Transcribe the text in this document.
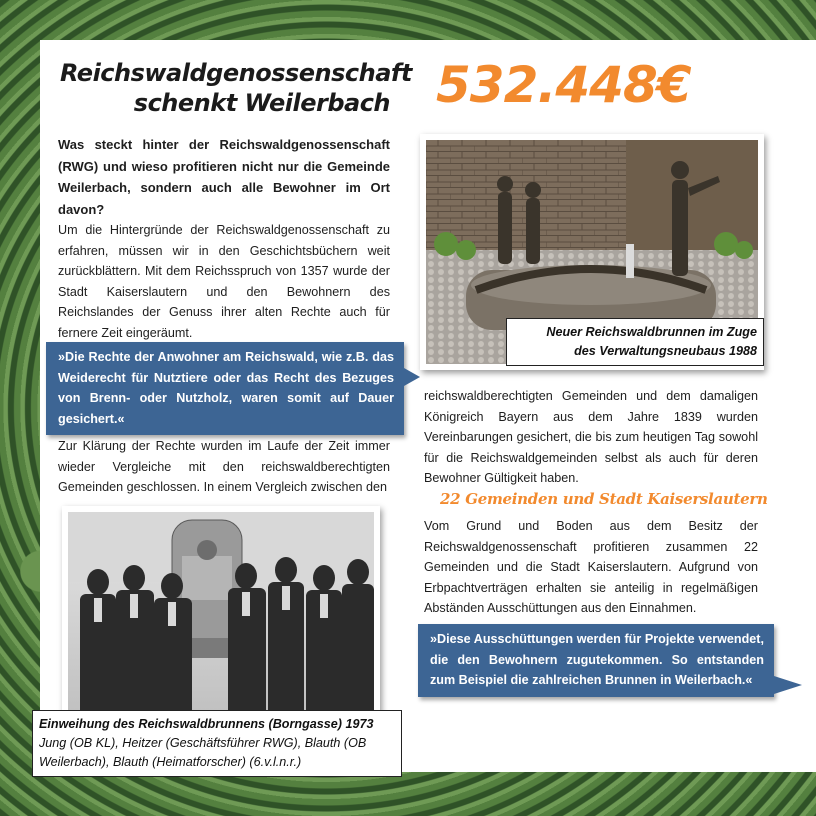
Reichswaldgenossenschaft
schenkt Weilerbach 532.448€

Was steckt hinter der Reichswaldgenossenschaft (RWG) und wieso profitieren nicht nur die Gemeinde Weilerbach, sondern auch alle Bewohner im Ort davon?

Um die Hintergründe der Reichswaldgenossenschaft zu erfahren, müssen wir in den Geschichtsbüchern weit zurückblättern. Mit dem Reichsspruch von 1357 wurde der Stadt Kaiserslautern und den Bewohnern des Reichslandes der Genuss ihrer alten Rechte auch für fernere Zeit eingeräumt.

»Die Rechte der Anwohner am Reichswald, wie z.B. das Weiderecht für Nutztiere oder das Recht des Bezuges von Brenn- oder Nutzholz, waren somit auf Dauer gesichert.«

Zur Klärung der Rechte wurden im Laufe der Zeit immer wieder Vergleiche mit den reichswaldberechtigten Gemeinden geschlossen. In einem Vergleich zwischen den

Einweihung des Reichswaldbrunnens (Borngasse) 1973
Jung (OB KL), Heitzer (Geschäftsführer RWG), Blauth (OB Weilerbach), Blauth (Heimatforscher) (6.v.l.n.r.)
Neuer Reichswaldbrunnen im Zuge
des Verwaltungsneubaus 1988

reichswaldberechtigten Gemeinden und dem damaligen Königreich Bayern aus dem Jahre 1839 wurden Vereinbarungen gesichert, die bis zum heutigen Tag sowohl für die Reichswaldgemeinden selbst als auch für deren Bewohner Gültigkeit haben.

22 Gemeinden und Stadt Kaiserslautern

Vom Grund und Boden aus dem Besitz der Reichswaldgenossenschaft profitieren zusammen 22 Gemeinden und die Stadt Kaiserslautern. Aufgrund von Erbpachtverträgen erhalten sie anteilig in regelmäßigen Abständen Ausschüttungen aus den Einnahmen.

»Diese Ausschüttungen werden für Projekte verwendet, die den Bewohnern zugutekommen. So entstanden zum Beispiel die zahlreichen Brunnen in Weilerbach.«
